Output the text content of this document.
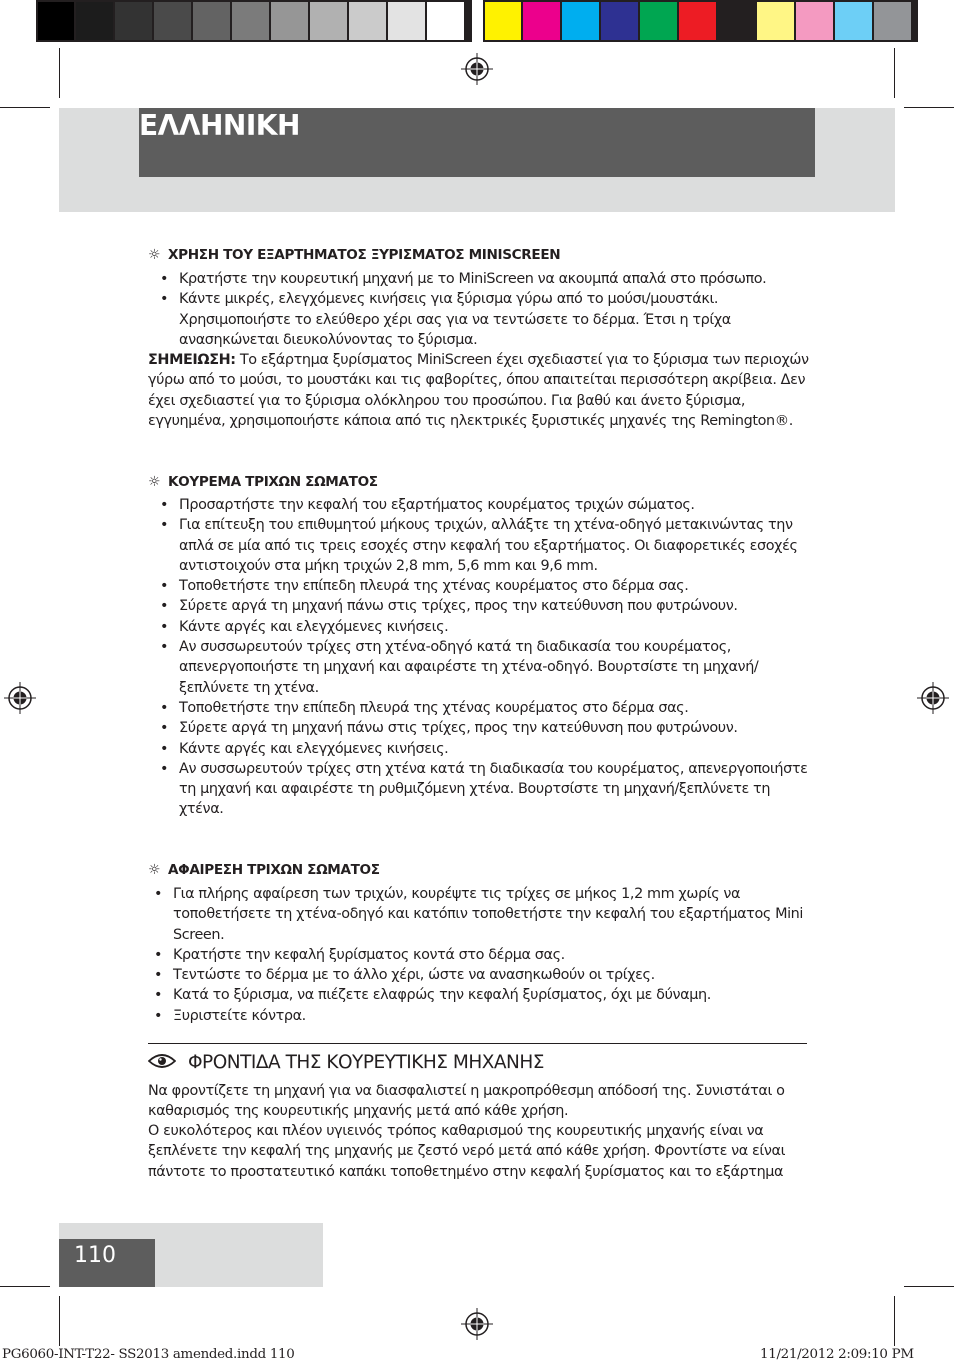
ΕΛΛΗΝΙΚΗ
☼ ΧΡΗΣΗ ΤΟΥ ΕΞΑΡΤΗΜΑΤΟΣ ΞΥΡΙΣΜΑΤΟΣ MINISCREEN
• Κρατήστε την κουρευτική μηχανή με το MiniScreen να ακουμπά απαλά στο πρόσωπο.
• Κάντε μικρές, ελεγχόμενες κινήσεις για ξύρισμα γύρω από το μούσι/μουστάκι. Χρησιμοποιήστε το ελεύθερο χέρι σας για να τεντώσετε το δέρμα. Έτσι η τρίχα ανασηκώνεται διευκολύνοντας το ξύρισμα.
ΣΗΜΕΙΩΣΗ: Το εξάρτημα ξυρίσματος MiniScreen έχει σχεδιαστεί για το ξύρισμα των περιοχών γύρω από το μούσι, το μουστάκι και τις φαβορίτες, όπου απαιτείται περισσότερη ακρίβεια. Δεν έχει σχεδιαστεί για το ξύρισμα ολόκληρου του προσώπου. Για βαθύ και άνετο ξύρισμα, εγγυημένα, χρησιμοποιήστε κάποια από τις ηλεκτρικές ξυριστικές μηχανές της Remington®.
☼ ΚΟΥΡΕΜΑ ΤΡΙΧΩΝ ΣΩΜΑΤΟΣ
• Προσαρτήστε την κεφαλή του εξαρτήματος κουρέματος τριχών σώματος.
• Για επίτευξη του επιθυμητού μήκους τριχών, αλλάξτε τη χτένα-οδηγό μετακινώντας την απλά σε μία από τις τρεις εσοχές στην κεφαλή του εξαρτήματος. Οι διαφορετικές εσοχές αντιστοιχούν στα μήκη τριχών 2,8 mm, 5,6 mm και 9,6 mm.
• Τοποθετήστε την επίπεδη πλευρά της χτένας κουρέματος στο δέρμα σας.
• Σύρετε αργά τη μηχανή πάνω στις τρίχες, προς την κατεύθυνση που φυτρώνουν.
• Κάντε αργές και ελεγχόμενες κινήσεις.
• Αν συσσωρευτούν τρίχες στη χτένα-οδηγό κατά τη διαδικασία του κουρέματος, απενεργοποιήστε τη μηχανή και αφαιρέστε τη χτένα-οδηγό. Βουρτσίστε τη μηχανή/ ξεπλύνετε τη χτένα.
• Τοποθετήστε την επίπεδη πλευρά της χτένας κουρέματος στο δέρμα σας.
• Σύρετε αργά τη μηχανή πάνω στις τρίχες, προς την κατεύθυνση που φυτρώνουν.
• Κάντε αργές και ελεγχόμενες κινήσεις.
• Αν συσσωρευτούν τρίχες στη χτένα κατά τη διαδικασία του κουρέματος, απενεργοποιήστε τη μηχανή και αφαιρέστε τη ρυθμιζόμενη χτένα. Βουρτσίστε τη μηχανή/ξεπλύνετε τη χτένα.
☼ ΑΦΑΙΡΕΣΗ ΤΡΙΧΩΝ ΣΩΜΑΤΟΣ
• Για πλήρης αφαίρεση των τριχών, κουρέψτε τις τρίχες σε μήκος 1,2 mm χωρίς να τοποθετήσετε τη χτένα-οδηγό και κατόπιν τοποθετήστε την κεφαλή του εξαρτήματος Mini Screen.
• Κρατήστε την κεφαλή ξυρίσματος κοντά στο δέρμα σας.
• Τεντώστε το δέρμα με το άλλο χέρι, ώστε να ανασηκωθούν οι τρίχες.
• Κατά το ξύρισμα, να πιέζετε ελαφρώς την κεφαλή ξυρίσματος, όχι με δύναμη.
• Ξυριστείτε κόντρα.
ΦΡΟΝΤΙΔΑ ΤΗΣ ΚΟΥΡΕΥΤΙΚΗΣ ΜΗΧΑΝΗΣ
Να φροντίζετε τη μηχανή για να διασφαλιστεί η μακροπρόθεσμη απόδοσή της. Συνιστάται ο καθαρισμός της κουρευτικής μηχανής μετά από κάθε χρήση.
Ο ευκολότερος και πλέον υγιεινός τρόπος καθαρισμού της κουρευτικής μηχανής είναι να ξεπλένετε την κεφαλή της μηχανής με ζεστό νερό μετά από κάθε χρήση. Φροντίστε να είναι πάντοτε το προστατευτικό καπάκι τοποθετημένο στην κεφαλή ξυρίσματος και το εξάρτημα
110
PG6060-INT-T22- SS2013 amended.indd 110	11/21/2012 2:09:10 PM
